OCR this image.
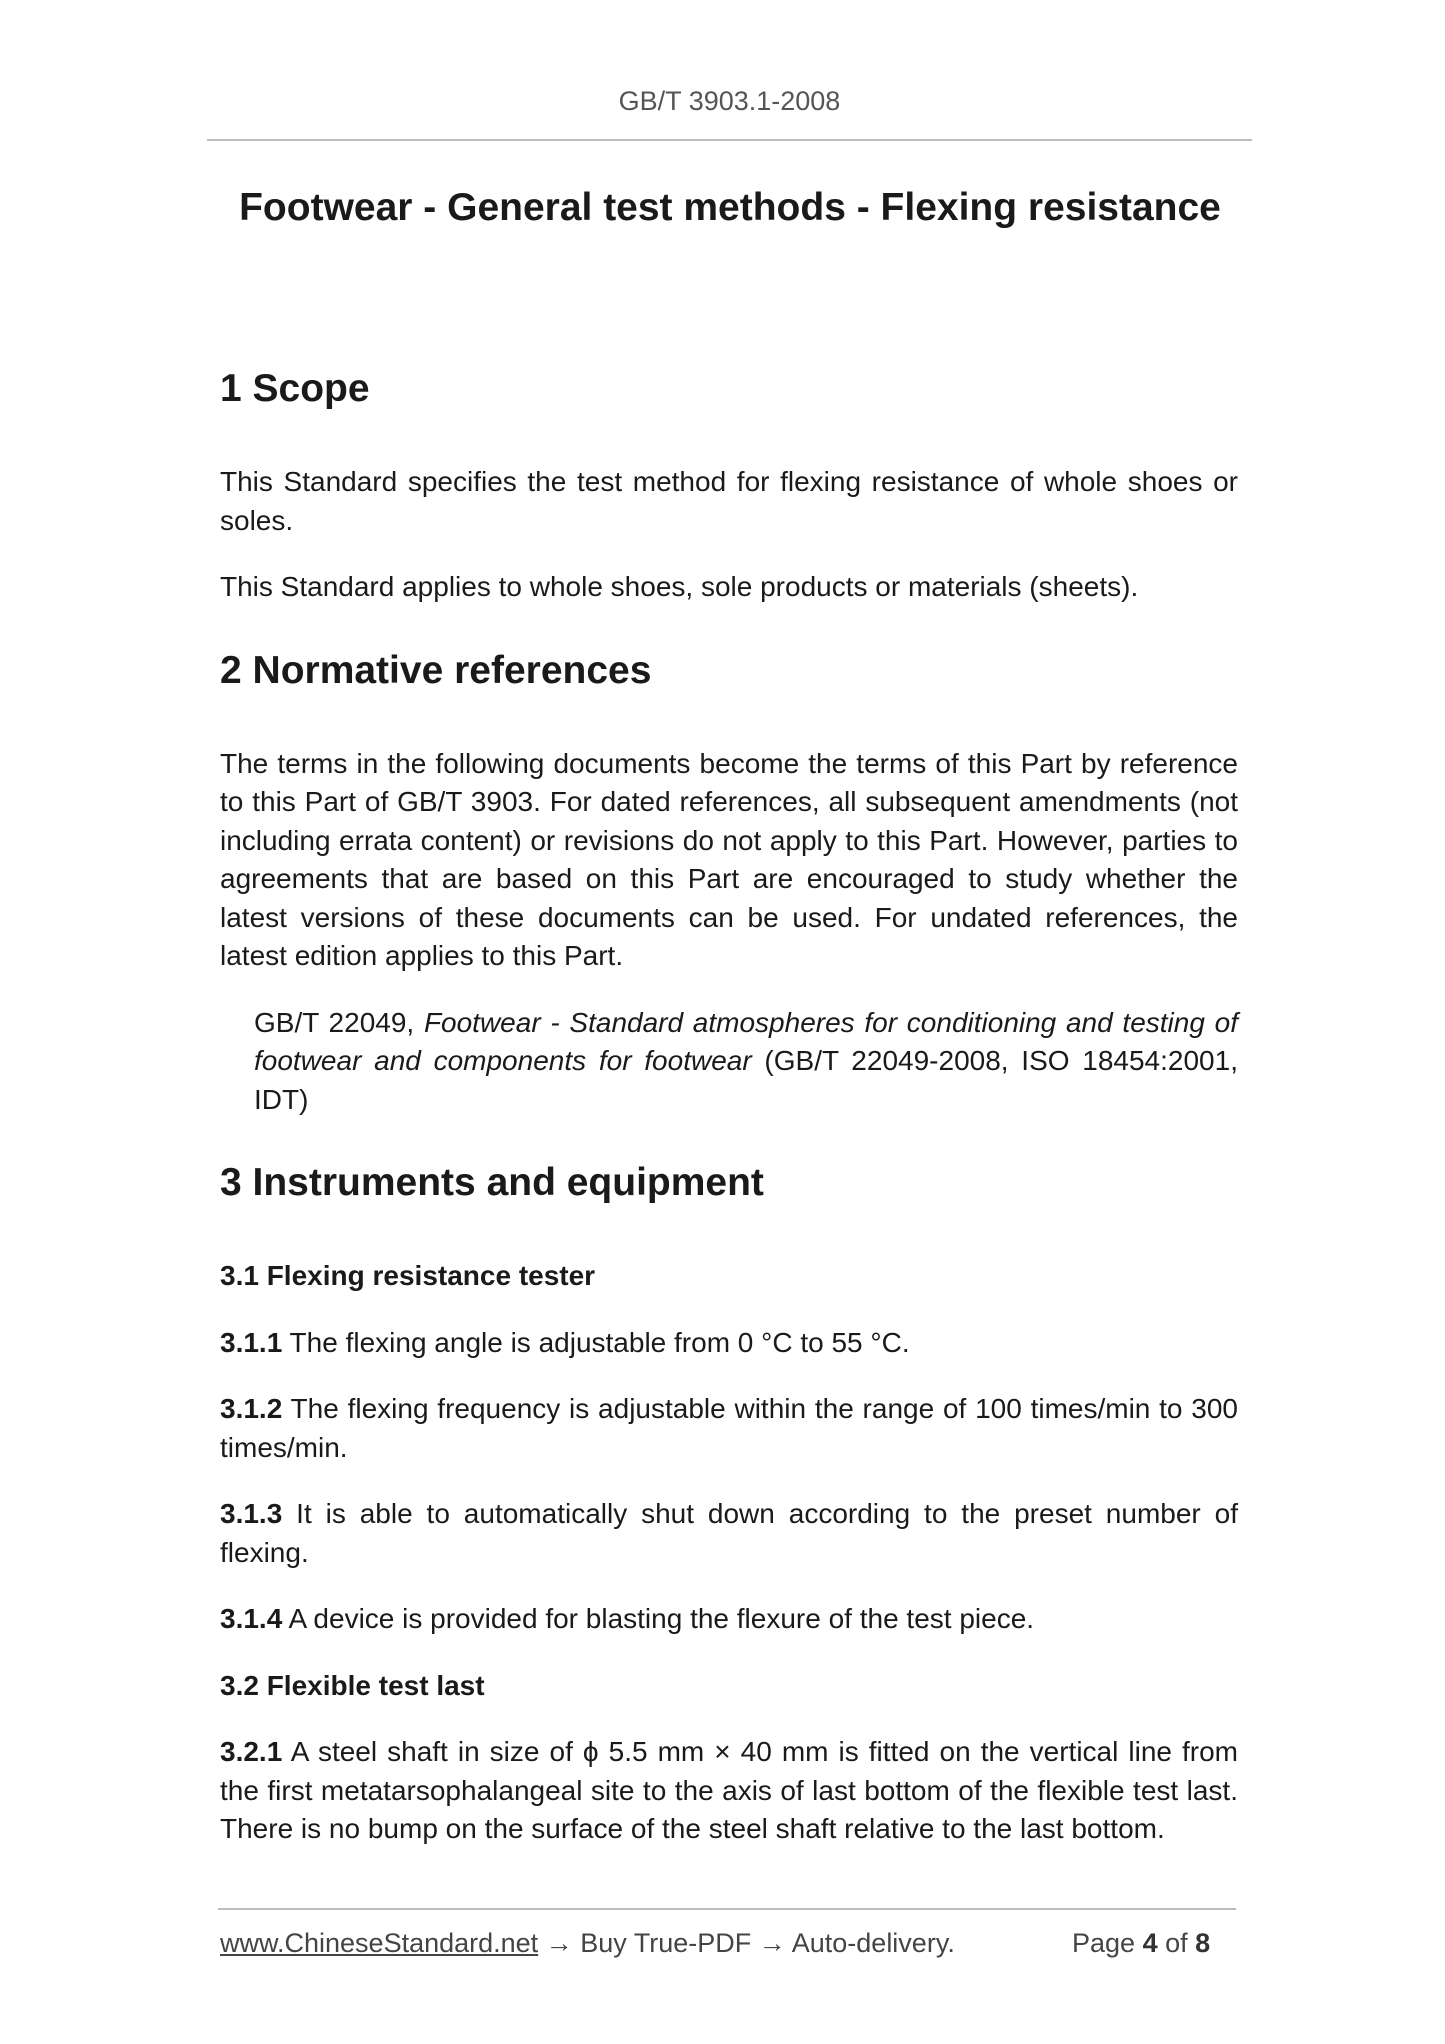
GB/T 3903.1-2008
Footwear - General test methods - Flexing resistance
1 Scope

This Standard specifies the test method for flexing resistance of whole shoes or soles.

This Standard applies to whole shoes, sole products or materials (sheets).

2 Normative references

The terms in the following documents become the terms of this Part by reference to this Part of GB/T 3903. For dated references, all subsequent amendments (not including errata content) or revisions do not apply to this Part. However, parties to agreements that are based on this Part are encouraged to study whether the latest versions of these documents can be used. For undated references, the latest edition applies to this Part.

GB/T 22049, Footwear - Standard atmospheres for conditioning and testing of footwear and components for footwear (GB/T 22049-2008, ISO 18454:2001, IDT)

3 Instruments and equipment
3.1 Flexing resistance tester

3.1.1 The flexing angle is adjustable from 0 °C to 55 °C.

3.1.2 The flexing frequency is adjustable within the range of 100 times/min to 300 times/min.

3.1.3 It is able to automatically shut down according to the preset number of flexing.

3.1.4 A device is provided for blasting the flexure of the test piece.

3.2 Flexible test last

3.2.1 A steel shaft in size of ϕ 5.5 mm × 40 mm is fitted on the vertical line from the first metatarsophalangeal site to the axis of last bottom of the flexible test last. There is no bump on the surface of the steel shaft relative to the last bottom.

www.ChineseStandard.net → Buy True-PDF → Auto-delivery.	Page 4 of 8
